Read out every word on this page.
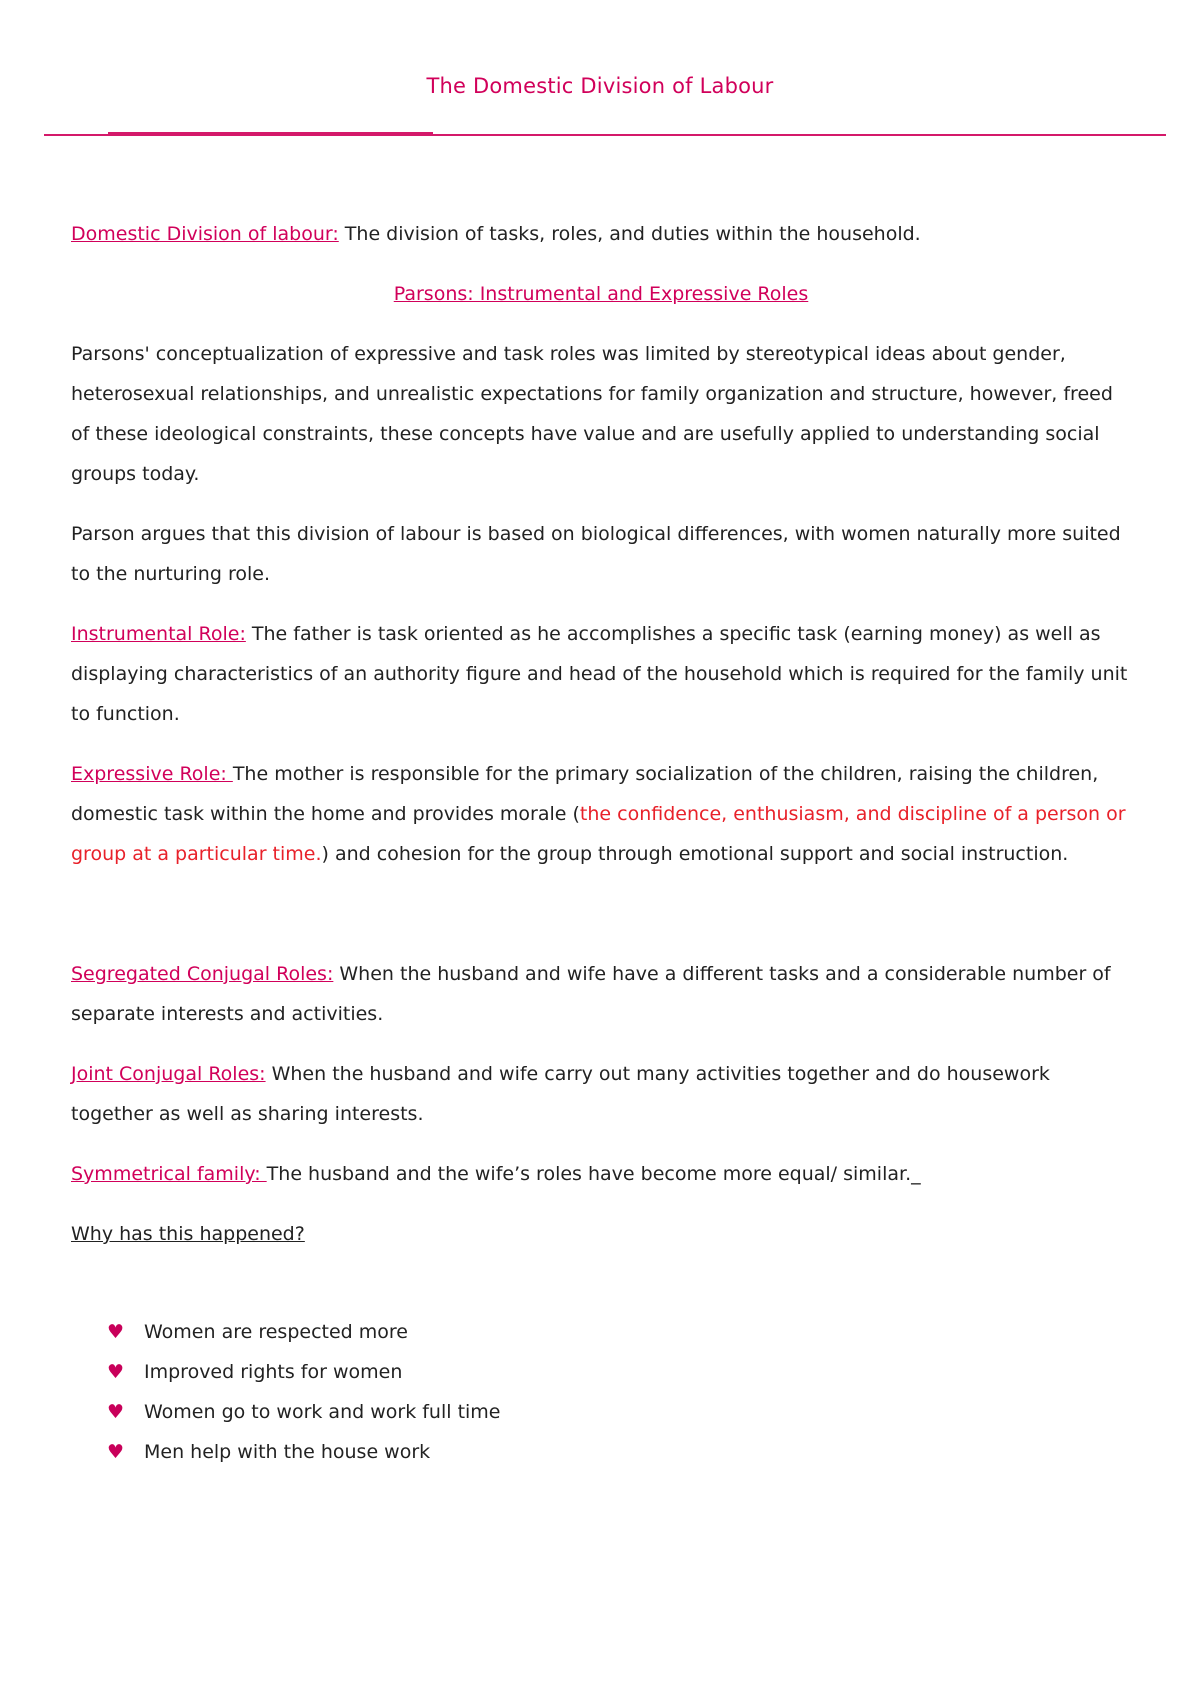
The Domestic Division of Labour

Domestic Division of labour: The division of tasks, roles, and duties within the household.

Parsons: Instrumental and Expressive Roles

Parsons' conceptualization of expressive and task roles was limited by stereotypical ideas about gender, heterosexual relationships, and unrealistic expectations for family organization and structure, however, freed of these ideological constraints, these concepts have value and are usefully applied to understanding social groups today.

Parson argues that this division of labour is based on biological differences, with women naturally more suited to the nurturing role.

Instrumental Role: The father is task oriented as he accomplishes a specific task (earning money) as well as displaying characteristics of an authority figure and head of the household which is required for the family unit to function.

Expressive Role: The mother is responsible for the primary socialization of the children, raising the children, domestic task within the home and provides morale (the confidence, enthusiasm, and discipline of a person or group at a particular time.) and cohesion for the group through emotional support and social instruction.

Segregated Conjugal Roles: When the husband and wife have a different tasks and a considerable number of separate interests and activities.

Joint Conjugal Roles: When the husband and wife carry out many activities together and do housework together as well as sharing interests.

Symmetrical family: The husband and the wife’s roles have become more equal/ similar._

Why has this happened?

♥ Women are respected more
♥ Improved rights for women
♥ Women go to work and work full time
♥ Men help with the house work
